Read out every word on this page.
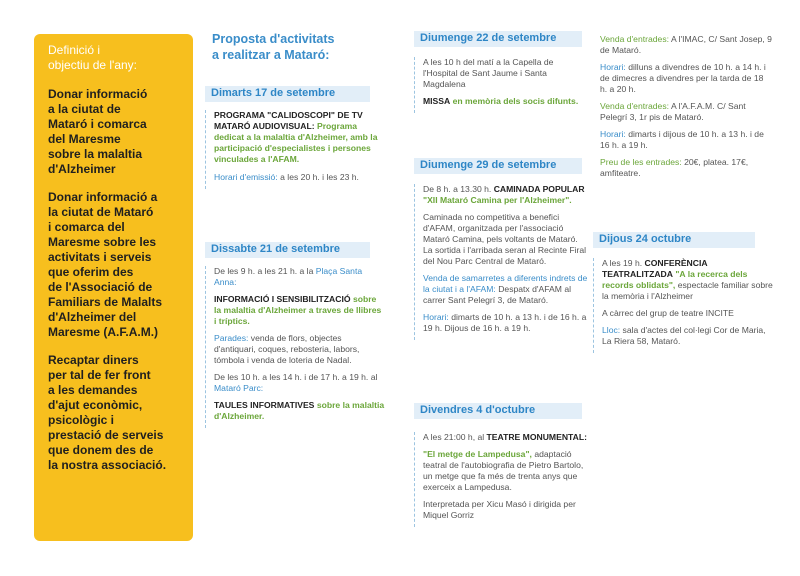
Definició i
objectiu de l'any:
Donar informació
a la ciutat de
Mataró i comarca
del Maresme
sobre la malaltia
d'Alzheimer
Donar informació a
la ciutat de Mataró
i comarca del
Maresme sobre les
activitats i serveis
que oferim des
de l'Associació de
Familiars de Malalts
d'Alzheimer del
Maresme (A.F.A.M.)
Recaptar diners
per tal de fer front
a les demandes
d'ajut econòmic,
psicològic i
prestació de serveis
que donem des de
la nostra associació.
Proposta d'activitats
a realitzar a Mataró:
Dimarts 17 de setembre

PROGRAMA "CALIDOSCOPI" DE TV MATARÓ AUDIOVISUAL: Programa dedicat a la malaltia d'Alzheimer, amb la participació d'especialistes i persones vinculades a l'AFAM.

Horari d'emissió: a les 20 h. i les 23 h.

Dissabte 21 de setembre

De les 9 h. a les 21 h. a la Plaça Santa Anna:

INFORMACIÓ I SENSIBILITZACIÓ sobre la malaltia d'Alzheimer a traves de llibres i tríptics.

Parades: venda de flors, objectes d'antiquari, coques, rebosteria, labors, tómbola i venda de loteria de Nadal.

De les 10 h. a les 14 h. i de 17 h. a 19 h. al Mataró Parc:

TAULES INFORMATIVES sobre la malaltia d'Alzheimer.

Diumenge 22 de setembre

A les 10 h del matí a la Capella de l'Hospital de Sant Jaume i Santa Magdalena

MISSA en memòria dels socis difunts.

Diumenge 29 de setembre

De 8 h. a 13.30 h. CAMINADA POPULAR "XII Mataró Camina per l'Alzheimer".

Caminada no competitiva a benefici d'AFAM, organitzada per l'associació Mataró Camina, pels voltants de Mataró. La sortida i l'arribada seran al Recinte Firal del Nou Parc Central de Mataró.

Venda de samarretes a diferents indrets de la ciutat i a l'AFAM: Despatx d'AFAM al carrer Sant Pelegrí 3, de Mataró.

Horari: dimarts de 10 h. a 13 h. i de 16 h. a 19 h. Dijous de 16 h. a 19 h.

Divendres 4 d'octubre

A les 21:00 h, al TEATRE MONUMENTAL:

"El metge de Lampedusa", adaptació teatral de l'autobiografia de Pietro Bartolo, un metge que fa més de trenta anys que exerceix a Lampedusa.

Interpretada per Xicu Masó i dirigida per Miquel Gorriz

Venda d'entrades: A l'IMAC, C/ Sant Josep, 9 de Mataró.

Horari: dilluns a divendres de 10 h. a 14 h. i de dimecres a divendres per la tarda de 18 h. a 20 h.

Venda d'entrades: A l'A.F.A.M. C/ Sant Pelegrí 3, 1r pis de Mataró.

Horari: dimarts i dijous de 10 h. a 13 h. i de 16 h. a 19 h.

Preu de les entrades: 20€, platea. 17€, amfiteatre.

Dijous 24 octubre

A les 19 h. CONFERÈNCIA TEATRALITZADA "A la recerca dels records oblidats", espectacle familiar sobre la memòria i l'Alzheimer

A càrrec del grup de teatre INCITE

Lloc: sala d'actes del col·legi Cor de Maria, La Riera 58, Mataró.
